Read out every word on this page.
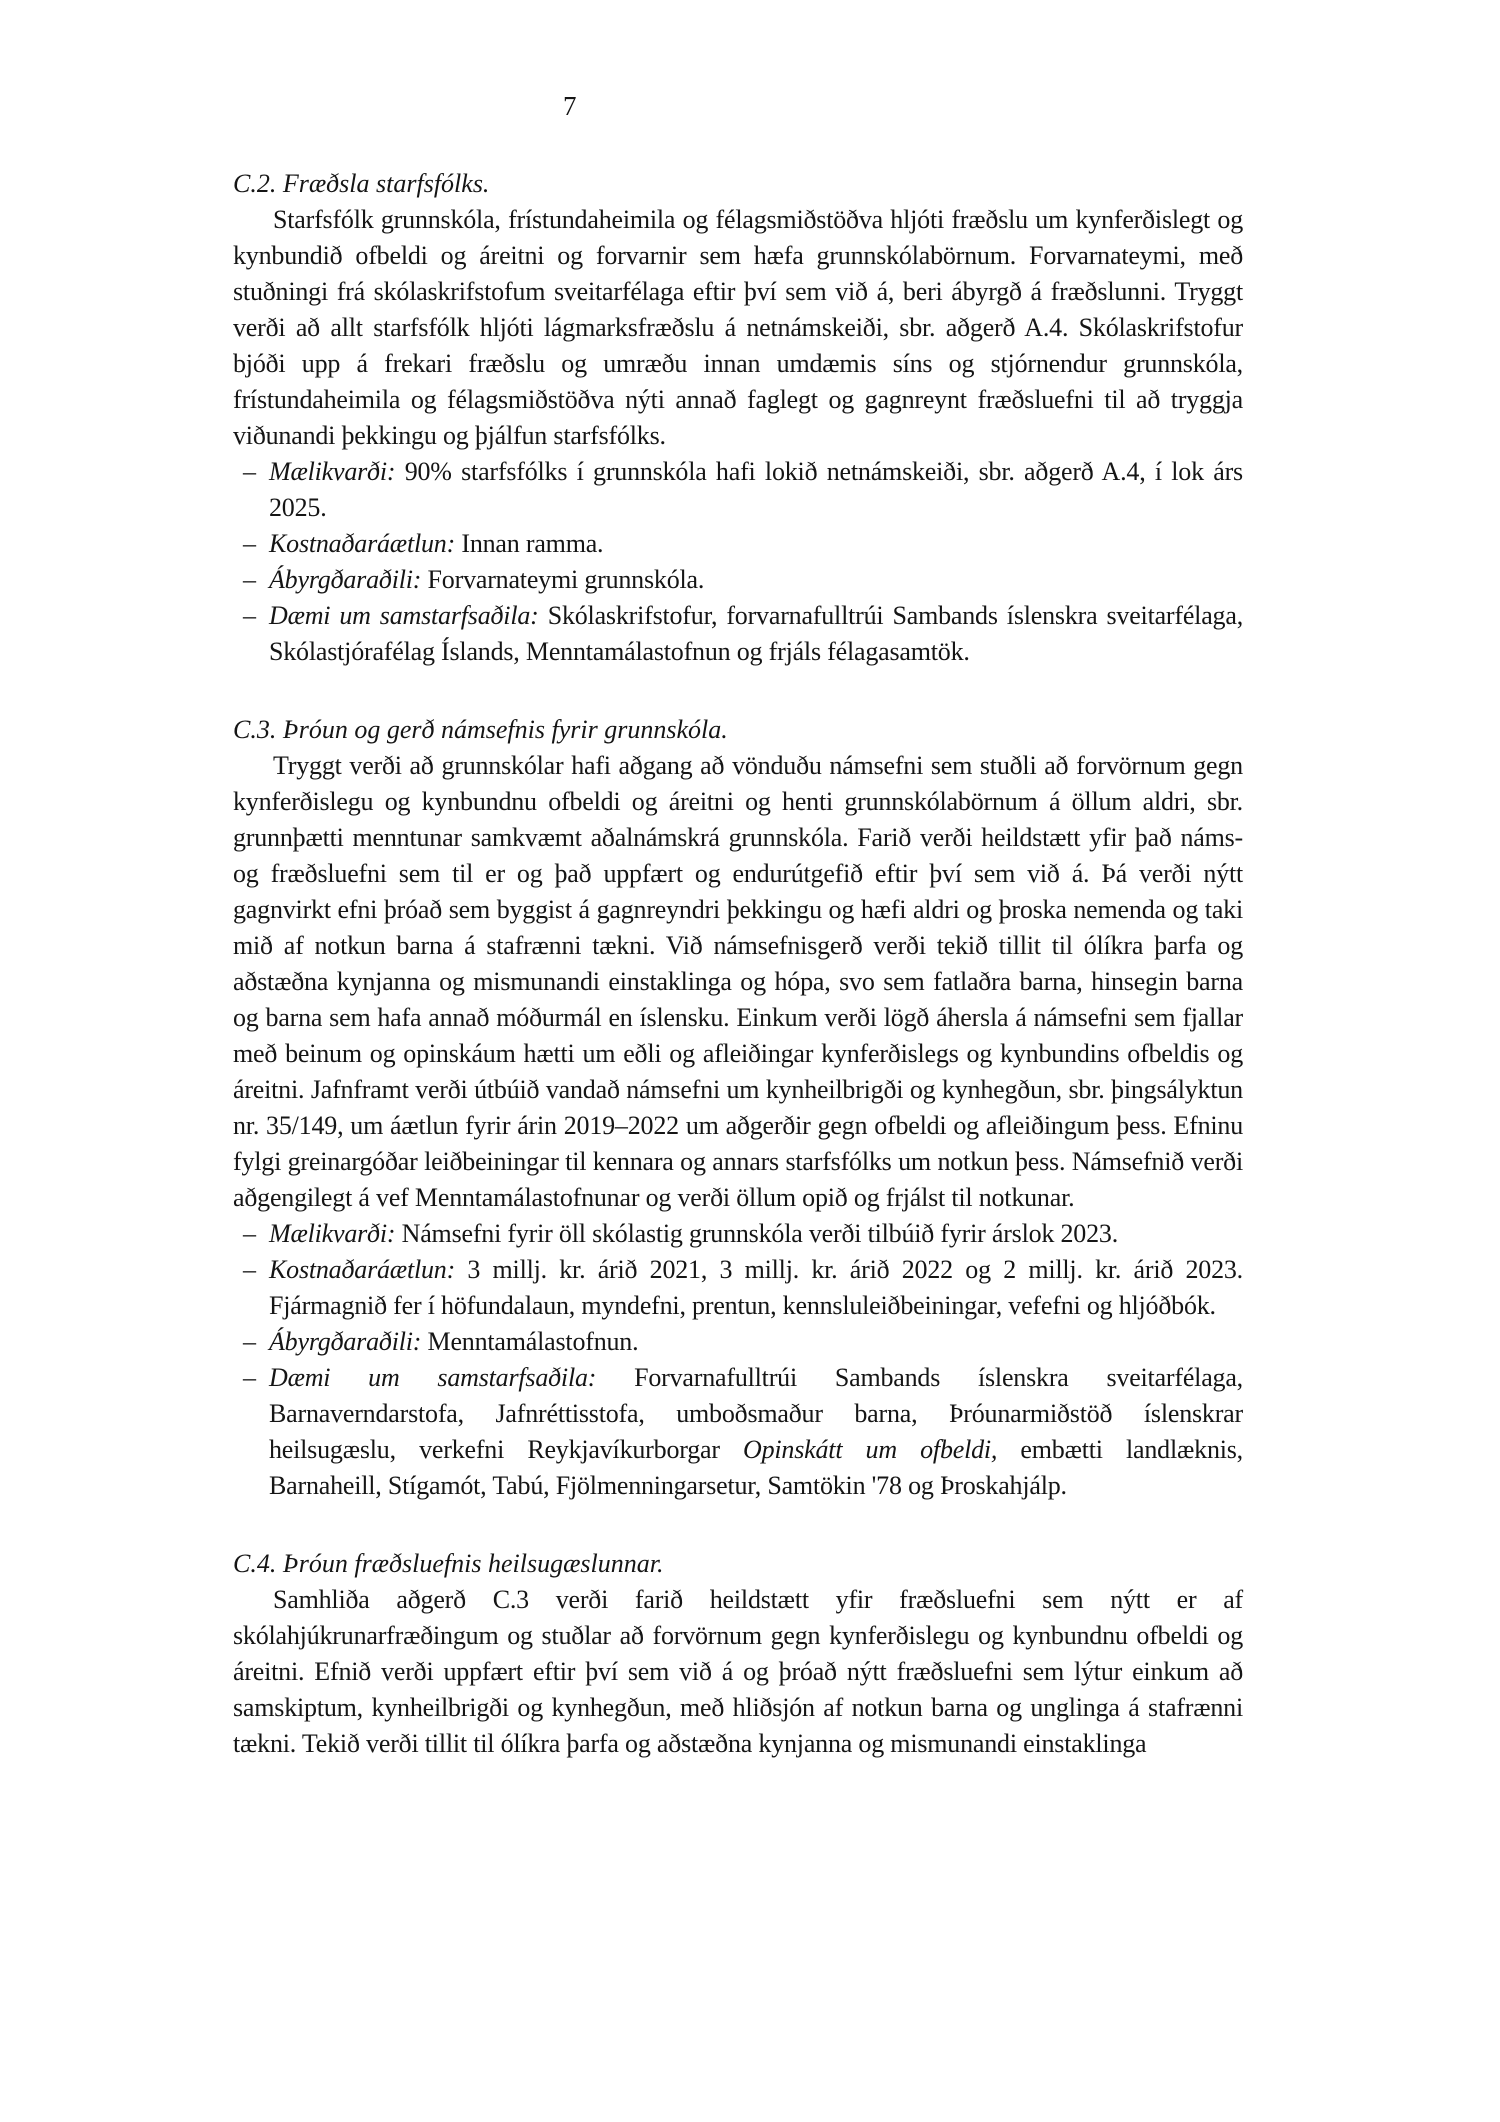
7
C.2. Fræðsla starfsfólks.
Starfsfólk grunnskóla, frístundaheimila og félagsmiðstöðva hljóti fræðslu um kynferðislegt og kynbundið ofbeldi og áreitni og forvarnir sem hæfa grunnskólabörnum. Forvarnateymi, með stuðningi frá skólaskrifstofum sveitarfélaga eftir því sem við á, beri ábyrgð á fræðslunni. Tryggt verði að allt starfsfólk hljóti lágmarksfræðslu á netnámskeiði, sbr. aðgerð A.4. Skólaskrifstofur bjóði upp á frekari fræðslu og umræðu innan umdæmis síns og stjórnendur grunnskóla, frístundaheimila og félagsmiðstöðva nýti annað faglegt og gagnreynt fræðsluefni til að tryggja viðunandi þekkingu og þjálfun starfsfólks.
– Mælikvarði: 90% starfsfólks í grunnskóla hafi lokið netnámskeiði, sbr. aðgerð A.4, í lok árs 2025.
– Kostnaðaráætlun: Innan ramma.
– Ábyrgðaraðili: Forvarnateymi grunnskóla.
– Dæmi um samstarfsaðila: Skólaskrifstofur, forvarnafulltrúi Sambands íslenskra sveitarfélaga, Skólastjórafélag Íslands, Menntamálastofnun og frjáls félagasamtök.
C.3. Þróun og gerð námsefnis fyrir grunnskóla.
Tryggt verði að grunnskólar hafi aðgang að vönduðu námsefni sem stuðli að forvörnum gegn kynferðislegu og kynbundnu ofbeldi og áreitni og henti grunnskólabörnum á öllum aldri, sbr. grunnþætti menntunar samkvæmt aðalnámskrá grunnskóla. Farið verði heildstætt yfir það náms- og fræðsluefni sem til er og það uppfært og endurútgefið eftir því sem við á. Þá verði nýtt gagnvirkt efni þróað sem byggist á gagnreyndri þekkingu og hæfi aldri og þroska nemenda og taki mið af notkun barna á stafrænni tækni. Við námsefnisgerð verði tekið tillit til ólíkra þarfa og aðstæðna kynjanna og mismunandi einstaklinga og hópa, svo sem fatlaðra barna, hinsegin barna og barna sem hafa annað móðurmál en íslensku. Einkum verði lögð áhersla á námsefni sem fjallar með beinum og opinskáum hætti um eðli og afleiðingar kynferðislegs og kynbundins ofbeldis og áreitni. Jafnframt verði útbúið vandað námsefni um kynheilbrigði og kynhegðun, sbr. þingsályktun nr. 35/149, um áætlun fyrir árin 2019–2022 um aðgerðir gegn ofbeldi og afleiðingum þess. Efninu fylgi greinargóðar leiðbeiningar til kennara og annars starfsfólks um notkun þess. Námsefnið verði aðgengilegt á vef Menntamálastofnunar og verði öllum opið og frjálst til notkunar.
– Mælikvarði: Námsefni fyrir öll skólastig grunnskóla verði tilbúið fyrir árslok 2023.
– Kostnaðaráætlun: 3 millj. kr. árið 2021, 3 millj. kr. árið 2022 og 2 millj. kr. árið 2023. Fjármagnið fer í höfundalaun, myndefni, prentun, kennsluleiðbeiningar, vefefni og hljóðbók.
– Ábyrgðaraðili: Menntamálastofnun.
– Dæmi um samstarfsaðila: Forvarnafulltrúi Sambands íslenskra sveitarfélaga, Barnaverndarstofa, Jafnréttisstofa, umboðsmaður barna, Þróunarmiðstöð íslenskrar heilsugæslu, verkefni Reykjavíkurborgar Opinskátt um ofbeldi, embætti landlæknis, Barnaheill, Stígamót, Tabú, Fjölmenningarsetur, Samtökin '78 og Þroskahjálp.
C.4. Þróun fræðsluefnis heilsugæslunnar.
Samhliða aðgerð C.3 verði farið heildstætt yfir fræðsluefni sem nýtt er af skólahjúkrunarfræðingum og stuðlar að forvörnum gegn kynferðislegu og kynbundnu ofbeldi og áreitni. Efnið verði uppfært eftir því sem við á og þróað nýtt fræðsluefni sem lýtur einkum að samskiptum, kynheilbrigði og kynhegðun, með hliðsjón af notkun barna og unglinga á stafrænni tækni. Tekið verði tillit til ólíkra þarfa og aðstæðna kynjanna og mismunandi einstaklinga
